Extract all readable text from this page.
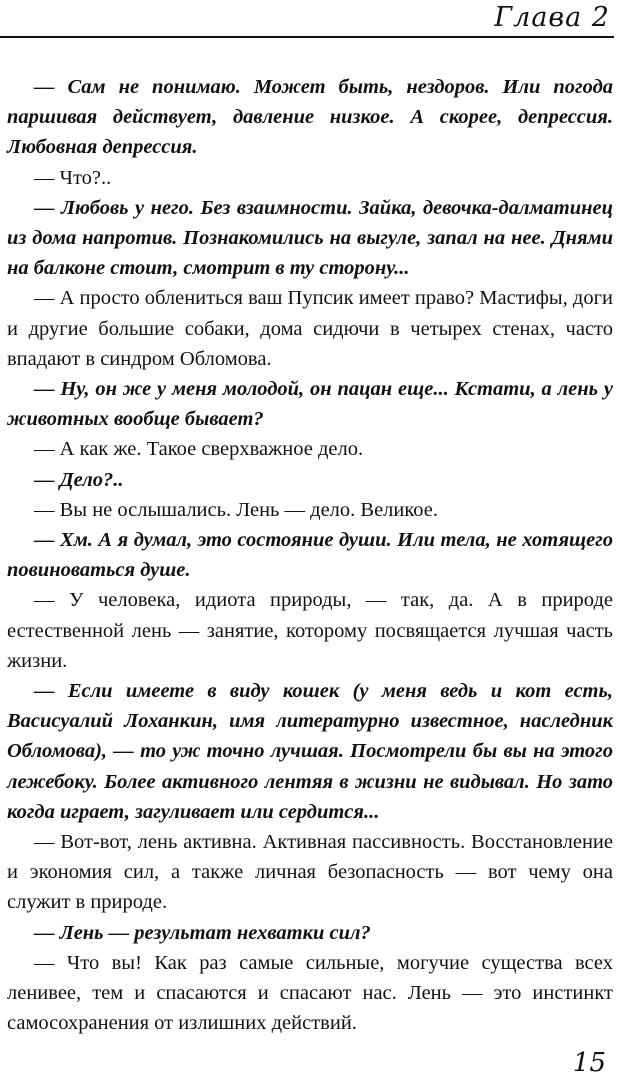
Глава 2

— Сам не понимаю. Может быть, нездоров. Или погода паршивая действует, давление низкое. А скорее, депрессия. Любовная депрессия.

— Что?..

— Любовь у него. Без взаимности. Зайка, девочка-далматинец из дома напротив. Познакомились на выгуле, запал на нее. Днями на балконе стоит, смотрит в ту сторону...

— А просто облениться ваш Пупсик имеет право? Мастифы, доги и другие большие собаки, дома сидючи в четырех стенах, часто впадают в синдром Обломова.

— Ну, он же у меня молодой, он пацан еще... Кстати, а лень у животных вообще бывает?

— А как же. Такое сверхважное дело.

— Дело?..

— Вы не ослышались. Лень — дело. Великое.

— Хм. А я думал, это состояние души. Или тела, не хотящего повиноваться душе.

— У человека, идиота природы, — так, да. А в природе естественной лень — занятие, которому посвящается лучшая часть жизни.

— Если имеете в виду кошек (у меня ведь и кот есть, Васисуалий Лоханкин, имя литературно известное, наследник Обломова), — то уж точно лучшая. Посмотрели бы вы на этого лежебоку. Более активного лентяя в жизни не видывал. Но зато когда играет, загуливает или сердится...

— Вот-вот, лень активна. Активная пассивность. Восстановление и экономия сил, а также личная безопасность — вот чему она служит в природе.

— Лень — результат нехватки сил?

— Что вы! Как раз самые сильные, могучие существа всех ленивее, тем и спасаются и спасают нас. Лень — это инстинкт самосохранения от излишних действий.

15
